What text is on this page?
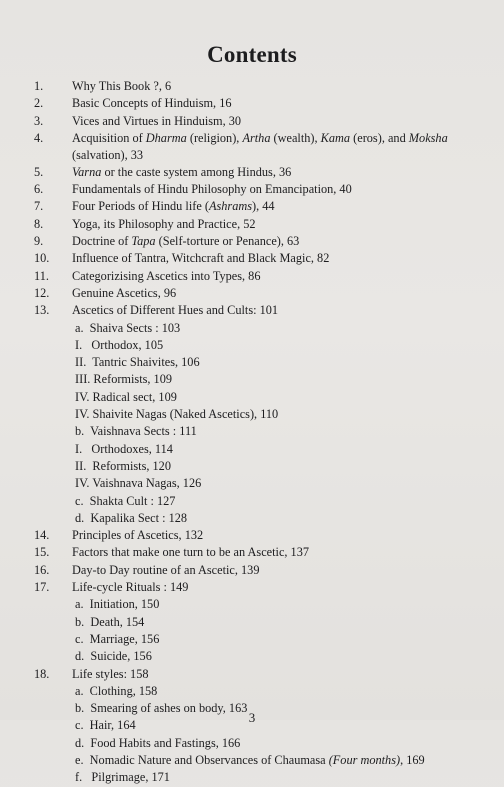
Contents
1. Why This Book ?, 6
2. Basic Concepts of Hinduism, 16
3. Vices and Virtues in Hinduism, 30
4. Acquisition of Dharma (religion), Artha (wealth), Kama (eros), and Moksha (salvation), 33
5. Varna or the caste system among Hindus, 36
6. Fundamentals of Hindu Philosophy on Emancipation, 40
7. Four Periods of Hindu life (Ashrams), 44
8. Yoga, its Philosophy and Practice, 52
9. Doctrine of Tapa (Self-torture or Penance), 63
10. Influence of Tantra, Witchcraft and Black Magic, 82
11. Categorizising Ascetics into Types, 86
12. Genuine Ascetics, 96
13. Ascetics of Different Hues and Cults: 101
a.  Shaiva Sects : 103
I.   Orthodox, 105
II.  Tantric Shaivites, 106
III. Reformists, 109
IV. Radical sect, 109
IV. Shaivite Nagas (Naked Ascetics), 110
b.  Vaishnava Sects : 111
I.   Orthodoxes, 114
II.  Reformists, 120
IV. Vaishnava Nagas, 126
c.  Shakta Cult : 127
d.  Kapalika Sect : 128
14. Principles of Ascetics, 132
15. Factors that make one turn to be an Ascetic, 137
16. Day-to Day routine of an Ascetic, 139
17. Life-cycle Rituals : 149
a.  Initiation, 150
b.  Death, 154
c.  Marriage, 156
d.  Suicide, 156
18. Life styles: 158
a.  Clothing, 158
b.  Smearing of ashes on body, 163
c.  Hair, 164
d.  Food Habits and Fastings, 166
e.  Nomadic Nature and Observances of Chaumasa (Four months), 169
f.   Pilgrimage, 171
3
